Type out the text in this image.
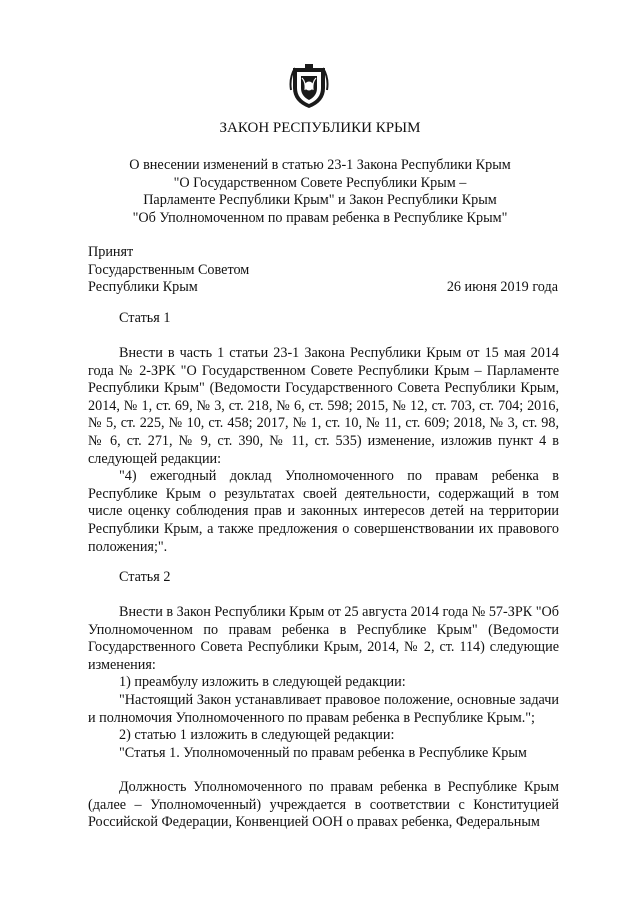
ЗАКОН РЕСПУБЛИКИ КРЫМ
О внесении изменений в статью 23-1 Закона Республики Крым
"О Государственном Совете Республики Крым –
Парламенте Республики Крым" и Закон Республики Крым
"Об Уполномоченном по правам ребенка в Республике Крым"
Принят
Государственным Советом
Республики Крым	26 июня 2019 года
Статья 1

Внести в часть 1 статьи 23-1 Закона Республики Крым от 15 мая 2014 года № 2-ЗРК "О Государственном Совете Республики Крым – Парламенте Республики Крым" (Ведомости Государственного Совета Республики Крым, 2014, № 1, ст. 69, № 3, ст. 218, № 6, ст. 598; 2015, № 12, ст. 703, ст. 704; 2016, № 5, ст. 225, № 10, ст. 458; 2017, № 1, ст. 10, № 11, ст. 609; 2018, № 3, ст. 98, № 6, ст. 271, № 9, ст. 390, № 11, ст. 535) изменение, изложив пункт 4 в следующей редакции:

"4) ежегодный доклад Уполномоченного по правам ребенка в Республике Крым о результатах своей деятельности, содержащий в том числе оценку соблюдения прав и законных интересов детей на территории Республики Крым, а также предложения о совершенствовании их правового положения;".

Статья 2

Внести в Закон Республики Крым от 25 августа 2014 года № 57-ЗРК "Об Уполномоченном по правам ребенка в Республике Крым" (Ведомости Государственного Совета Республики Крым, 2014, № 2, ст. 114) следующие изменения:

1) преамбулу изложить в следующей редакции:

"Настоящий Закон устанавливает правовое положение, основные задачи и полномочия Уполномоченного по правам ребенка в Республике Крым.";

2) статью 1 изложить в следующей редакции:

"Статья 1. Уполномоченный по правам ребенка в Республике Крым

Должность Уполномоченного по правам ребенка в Республике Крым (далее – Уполномоченный) учреждается в соответствии с Конституцией Российской Федерации, Конвенцией ООН о правах ребенка, Федеральным
